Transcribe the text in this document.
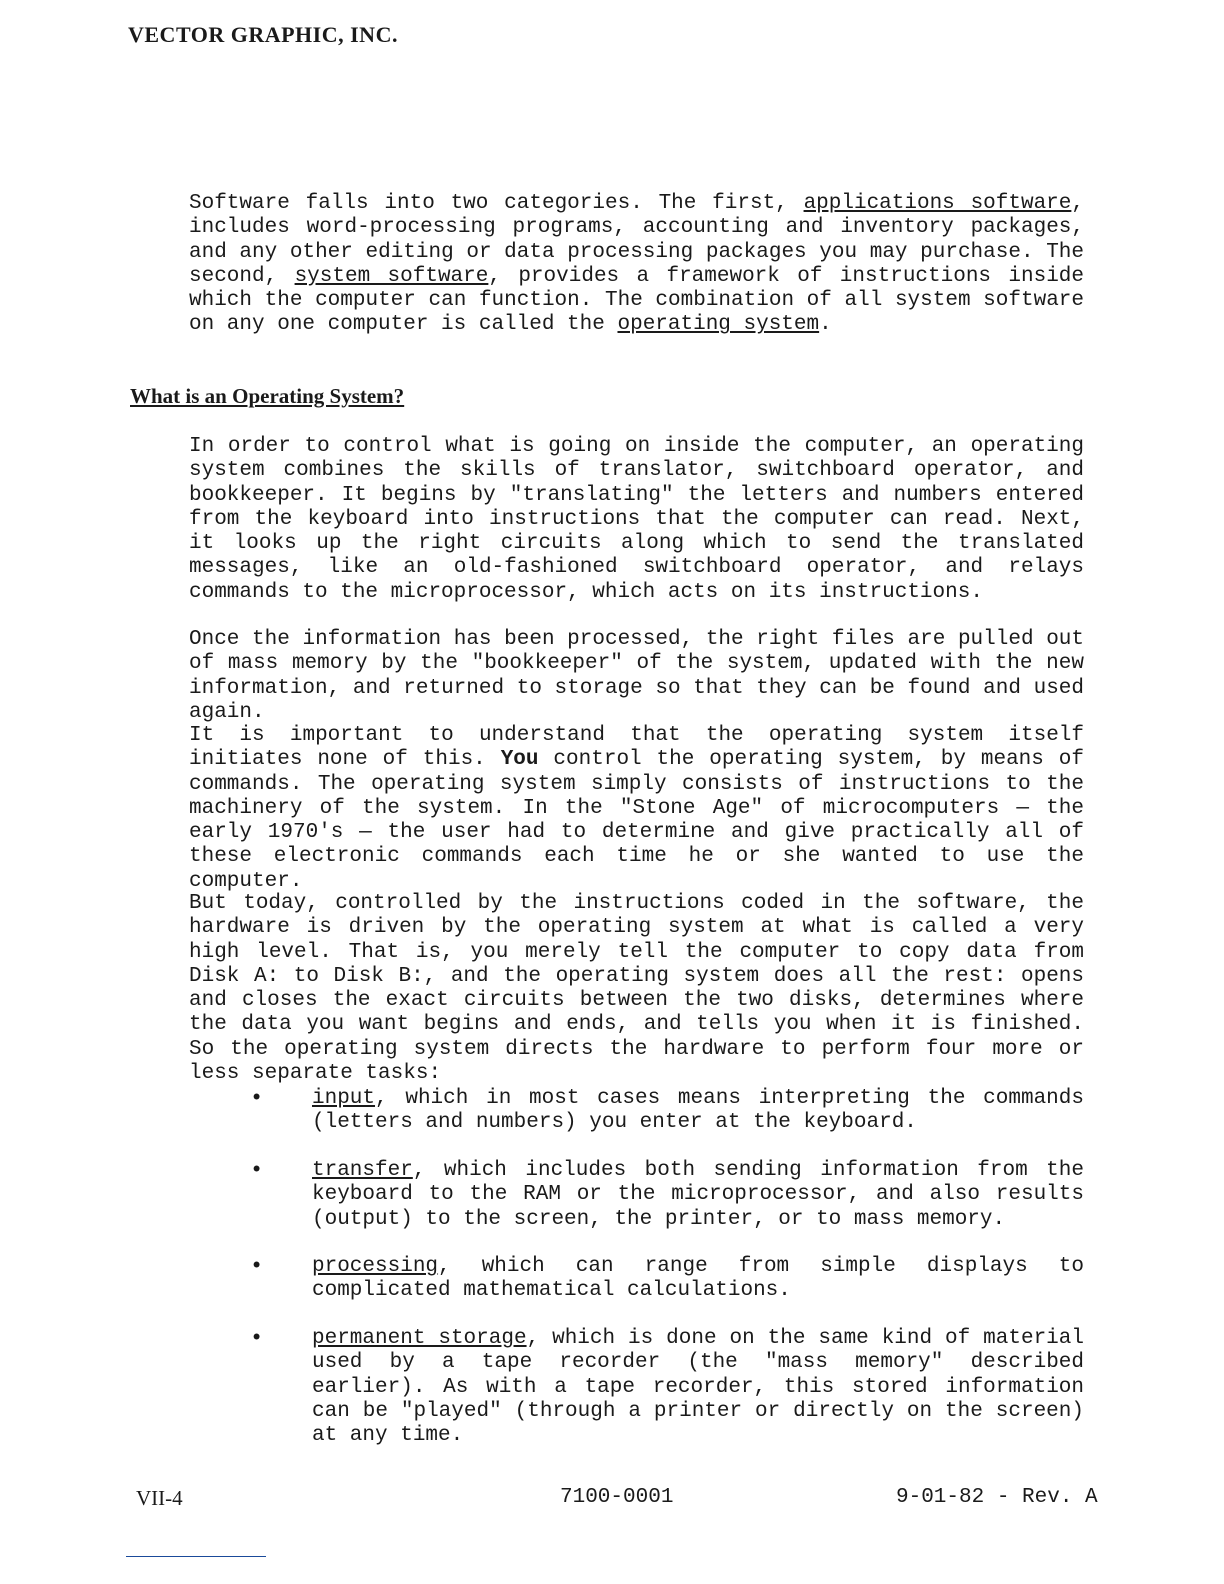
VECTOR GRAPHIC, INC.

Software falls into two categories. The first, applications software, includes word-processing programs, accounting and inventory packages, and any other editing or data processing packages you may purchase. The second, system software, provides a framework of instructions inside which the computer can function. The combination of all system software on any one computer is called the operating system.

What is an Operating System?

In order to control what is going on inside the computer, an operating system combines the skills of translator, switchboard operator, and bookkeeper. It begins by "translating" the letters and numbers entered from the keyboard into instructions that the computer can read. Next, it looks up the right circuits along which to send the translated messages, like an old-fashioned switchboard operator, and relays commands to the microprocessor, which acts on its instructions.

Once the information has been processed, the right files are pulled out of mass memory by the "bookkeeper" of the system, updated with the new information, and returned to storage so that they can be found and used again.

It is important to understand that the operating system itself initiates none of this. You control the operating system, by means of commands. The operating system simply consists of instructions to the machinery of the system. In the "Stone Age" of microcomputers — the early 1970's — the user had to determine and give practically all of these electronic commands each time he or she wanted to use the computer.

But today, controlled by the instructions coded in the software, the hardware is driven by the operating system at what is called a very high level. That is, you merely tell the computer to copy data from Disk A: to Disk B:, and the operating system does all the rest: opens and closes the exact circuits between the two disks, determines where the data you want begins and ends, and tells you when it is finished. So the operating system directs the hardware to perform four more or less separate tasks:

• input, which in most cases means interpreting the commands (letters and numbers) you enter at the keyboard.
• transfer, which includes both sending information from the keyboard to the RAM or the microprocessor, and also results (output) to the screen, the printer, or to mass memory.
• processing, which can range from simple displays to complicated mathematical calculations.
• permanent storage, which is done on the same kind of material used by a tape recorder (the "mass memory" described earlier). As with a tape recorder, this stored information can be "played" (through a printer or directly on the screen) at any time.
VII-4	7100-0001	9-01-82 - Rev. A
